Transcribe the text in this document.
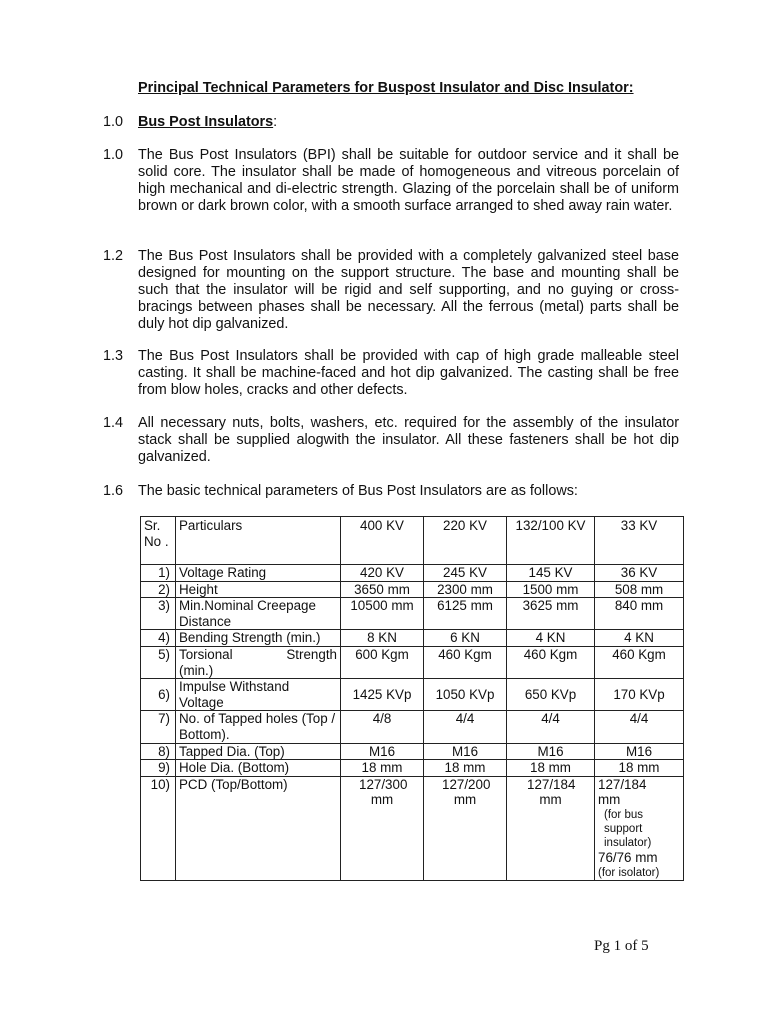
Principal Technical Parameters for Buspost Insulator and Disc Insulator:
1.0 Bus Post Insulators:
1.0 The Bus Post Insulators (BPI) shall be suitable for outdoor service and it shall be solid core. The insulator shall be made of homogeneous and vitreous porcelain of high mechanical and di-electric strength. Glazing of the porcelain shall be of uniform brown or dark brown color, with a smooth surface arranged to shed away rain water.
1.2 The Bus Post Insulators shall be provided with a completely galvanized steel base designed for mounting on the support structure. The base and mounting shall be such that the insulator will be rigid and self supporting, and no guying or cross- bracings between phases shall be necessary. All the ferrous (metal) parts shall be duly hot dip galvanized.
1.3 The Bus Post Insulators shall be provided with cap of high grade malleable steel casting. It shall be machine-faced and hot dip galvanized. The casting shall be free from blow holes, cracks and other defects.
1.4 All necessary nuts, bolts, washers, etc. required for the assembly of the insulator stack shall be supplied alogwith the insulator. All these fasteners shall be hot dip galvanized.
1.6 The basic technical parameters of Bus Post Insulators are as follows:
Sr. No .	Particulars	400 KV	220 KV	132/100 KV	33 KV
1)	Voltage Rating	420 KV	245 KV	145 KV	36 KV
2)	Height	3650 mm	2300 mm	1500 mm	508 mm
3)	Min.Nominal Creepage Distance	10500 mm	6125 mm	3625 mm	840 mm
4)	Bending Strength (min.)	8 KN	6 KN	4 KN	4 KN
5)	Torsional Strength
(min.)	600 Kgm	460 Kgm	460 Kgm	460 Kgm
6)	Impulse Withstand Voltage	1425 KVp	1050 KVp	650 KVp	170 KVp
7)	No. of Tapped holes (Top / Bottom).	4/8	4/4	4/4	4/4
8)	Tapped Dia. (Top)	M16	M16	M16	M16
9)	Hole Dia. (Bottom)	18 mm	18 mm	18 mm	18 mm
10)	PCD (Top/Bottom)	127/300 mm	127/200 mm	127/184 mm	127/184
mm
(for bus support insulator)
76/76 mm
(for isolator)
Pg 1 of 5
